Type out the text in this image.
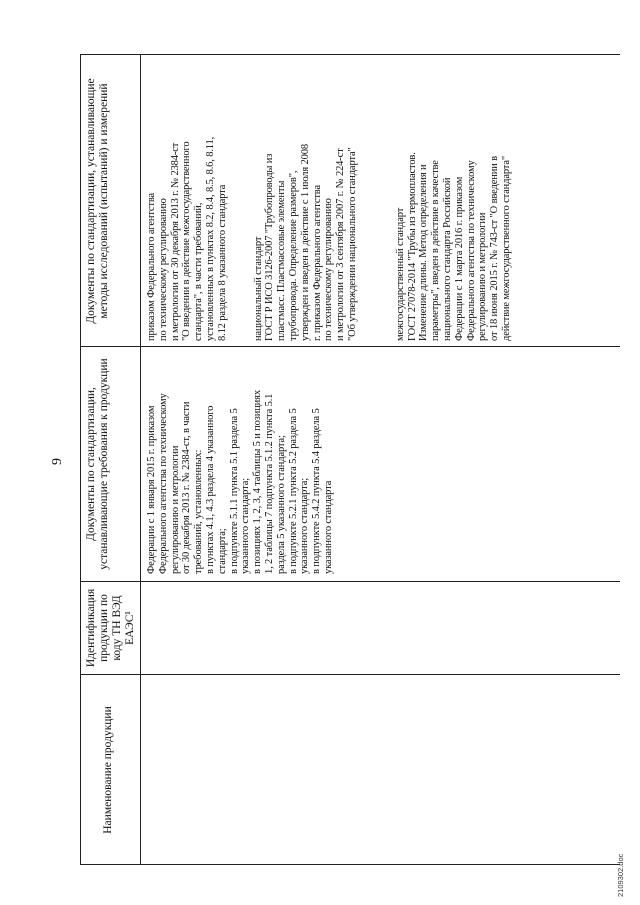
9
Наименование продукции
Идентификация продукции по коду ТН ВЭД ЕАЭС¹
Документы по стандартизации, устанавливающие требования к продукции
Документы по стандартизации, устанавливающие методы исследований (испытаний) и измерений

Федерации с 1 января 2015 г. приказом Федерального агентства по техническому регулированию и метрологии от 30 декабря 2013 г. № 2384-ст, в части требований, установленных: в пунктах 4.1, 4.3 раздела 4 указанного стандарта; в подпункте 5.1.1 пункта 5.1 раздела 5 указанного стандарта; в позициях 1, 2, 3, 4 таблицы 5 и позициях 1, 2 таблицы 7 подпункта 5.1.2 пункта 5.1 раздела 5 указанного стандарта; в подпункте 5.2.1 пункта 5.2 раздела 5 указанного стандарта; в подпункте 5.4.2 пункта 5.4 раздела 5 указанного стандарта

приказом Федерального агентства по техническому регулированию и метрологии от 30 декабря 2013 г. № 2384-ст "О введении в действие межгосударственного стандарта", в части требований, установленных в пунктах 8.2, 8.4, 8.5, 8.6, 8.11, 8.12 раздела 8 указанного стандарта национальный стандарт ГОСТ Р ИСО 3126-2007 "Трубопроводы из пластмасс. Пластмассовые элементы трубопровода. Определение размеров", утвержден и введен в действие с 1 июля 2008 г. приказом Федерального агентства по техническому регулированию и метрологии от 3 сентября 2007 г. № 224-ст "Об утверждении национального стандарта"	межгосударственный стандарт ГОСТ 27078-2014 "Трубы из термопластов. Изменение длины. Метод определения и параметры", введен в действие в качестве национального стандарта Российской Федерации с 1 марта 2016 г. приказом Федерального агентства по техническому регулированию и метрологии от 18 июня 2015 г. № 743-ст "О введении в действие межгосударственного стандарта"

2109302.doc
